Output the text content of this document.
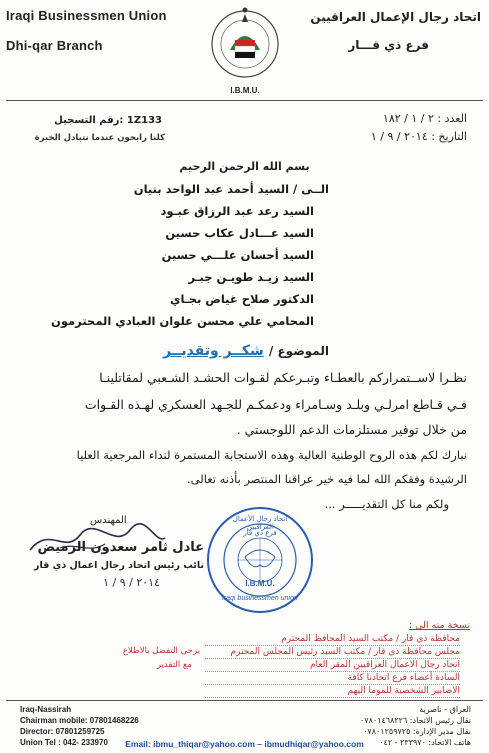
Iraqi Businessmen Union
Dhi-qar Branch
اتحاد رجال الإعمال العراقيين
فرع ذي قـــار
I.B.M.U.
1Z133 :رقم التسجيل
كلنا رابحون عندما نتبادل الخبرة
العدد : ٢ / ١ / ١٨٢
التاريخ : ٢٠١٤ / ٩ / ١
بسم الله الرحمن الرحيم
الــى / السيد أحمد عبد الواحد بنيان
السيد رعد عبد الرزاق عبـود
السيد عـــادل عكاب حسين
السيد أحسان علـــي حسين
السيد زيـد طويـن جبـر
الدكتور صلاح غياض بجـاي
المحامي علي محسن علوان العبادي المحترمون
الموضوع / شكــر وتقديــر
نظـرا لاســتمراركم بالعطـاء وتبـرعكم لقـوات الحشـد الشـعبي لمقاتلينـا
فـي قـاطع امرلـي وبلـد وسـامراء ودعمكـم للجـهد العسكري لهـذه القـوات
من خلال توفير مستلزمات الدعم اللوجستي .
نبارك لكم هذه الروح الوطنية العالية وهذه الاستجابة المستمرة لنداء المرجعية العليا
الرشيدة وفقكم الله لما فيه خير عراقنا المنتصر بأذنه تعالى.
ولكم منا كل التقديـــــر ...
المهندس
عادل ثامر سعدون الرميض
نائب رئيس اتحاد رجال اعمال ذي قار
٢٠١٤ / ٩ / ١
اتحاد رجال الأعمال العراقيين
فرع ذي قار
I.B.M.U.
iraqi businessmen union
نسخة منه الى :
محافظة ذي قار / مكتب السيد المحافظ المحترم
مجلس محافظة ذي قار / مكتب السيد رئيس المجلس المحترم
اتحاد رجال الاعمال العراقيين المقر العام
السادة أعضاء فرع اتحادنا كافة
الاضابير الشخصية للموما اليهم
يرجى التفضل بالاطلاع
مع التقدير
Iraq-Nassirah
Chairman mobile: 07801468226
Director: 07801259725
Union Tel : 042- 233970
العراق - ناصرية
نقال رئيس الاتحاد: ٠٧٨٠١٤٦٨٢٢٦
نقال مدير الإدارة: ٠٧٨٠١٢٥٩٧٢٥
هاتف الاتحاد: ٢٣٣٩٧٠ - ٠٤٢
Email: ibmu_thiqar@yahoo.com – ibmudhiqar@yahoo.com
